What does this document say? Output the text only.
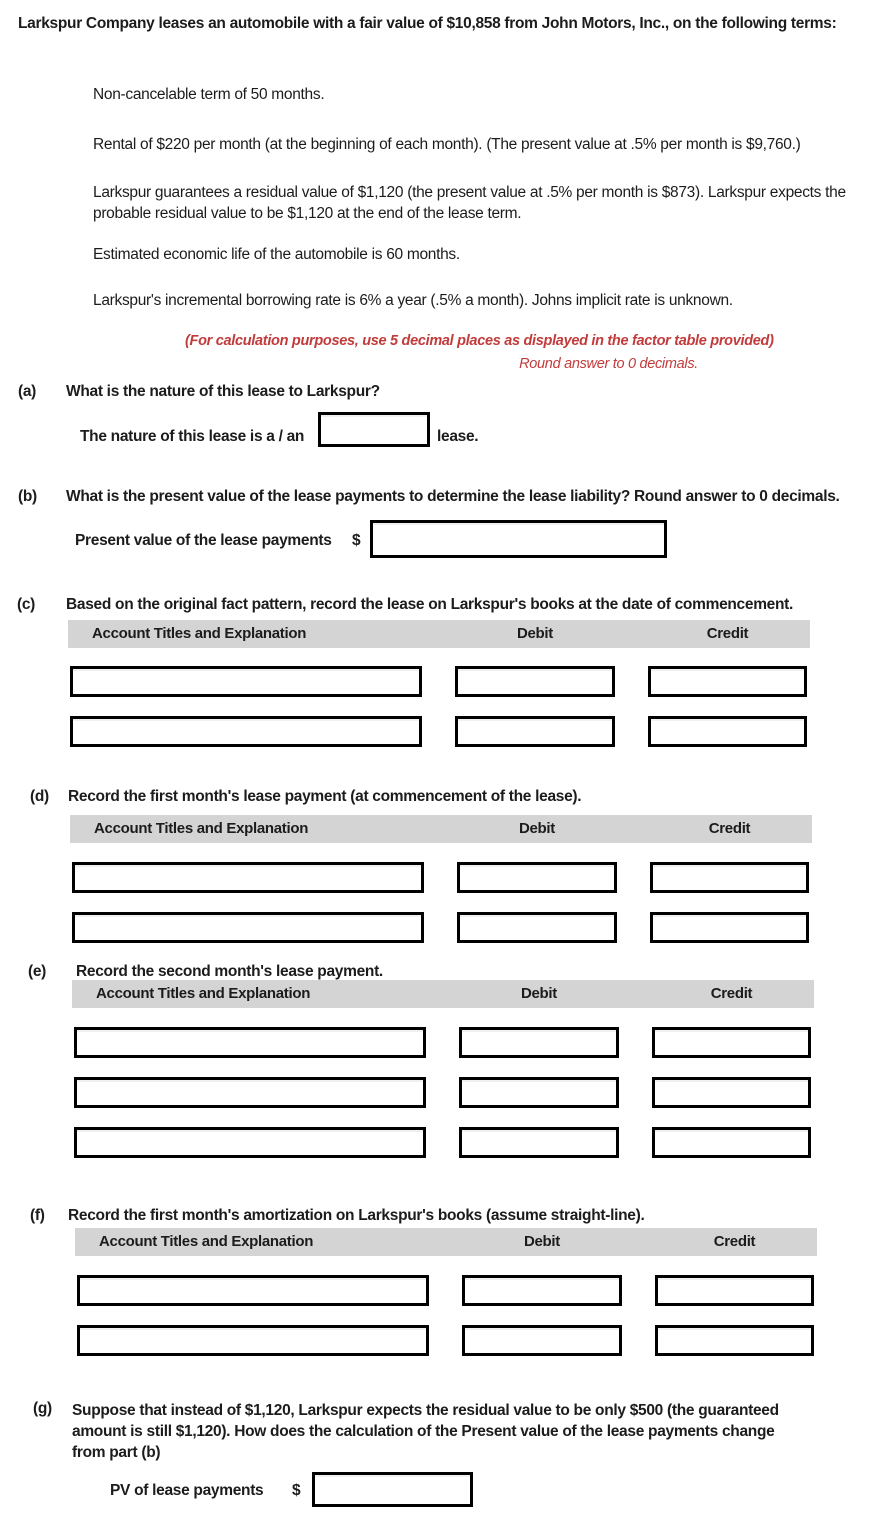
Larkspur Company leases an automobile with a fair value of $10,858 from John Motors, Inc., on the following terms:

Non-cancelable term of 50 months.

Rental of $220 per month (at the beginning of each month). (The present value at .5% per month is $9,760.)

Larkspur guarantees a residual value of $1,120 (the present value at .5% per month is $873). Larkspur expects the probable residual value to be $1,120 at the end of the lease term.

Estimated economic life of the automobile is 60 months.

Larkspur's incremental borrowing rate is 6% a year (.5% a month). Johns implicit rate is unknown.

(For calculation purposes, use 5 decimal places as displayed in the factor table provided)
Round answer to 0 decimals.
(a) What is the nature of this lease to Larkspur?
The nature of this lease is a / an	lease.
(b) What is the present value of the lease payments to determine the lease liability? Round answer to 0 decimals.
Present value of the lease payments $
(c) Based on the original fact pattern, record the lease on Larkspur's books at the date of commencement.
Account Titles and Explanation	Debit	Credit
(d) Record the first month's lease payment (at commencement of the lease).
Account Titles and Explanation	Debit	Credit
(e) Record the second month's lease payment.
Account Titles and Explanation	Debit	Credit
(f) Record the first month's amortization on Larkspur's books (assume straight-line).
Account Titles and Explanation	Debit	Credit
(g) Suppose that instead of $1,120, Larkspur expects the residual value to be only $500 (the guaranteed amount is still $1,120). How does the calculation of the Present value of the lease payments change from part (b)
PV of lease payments $
